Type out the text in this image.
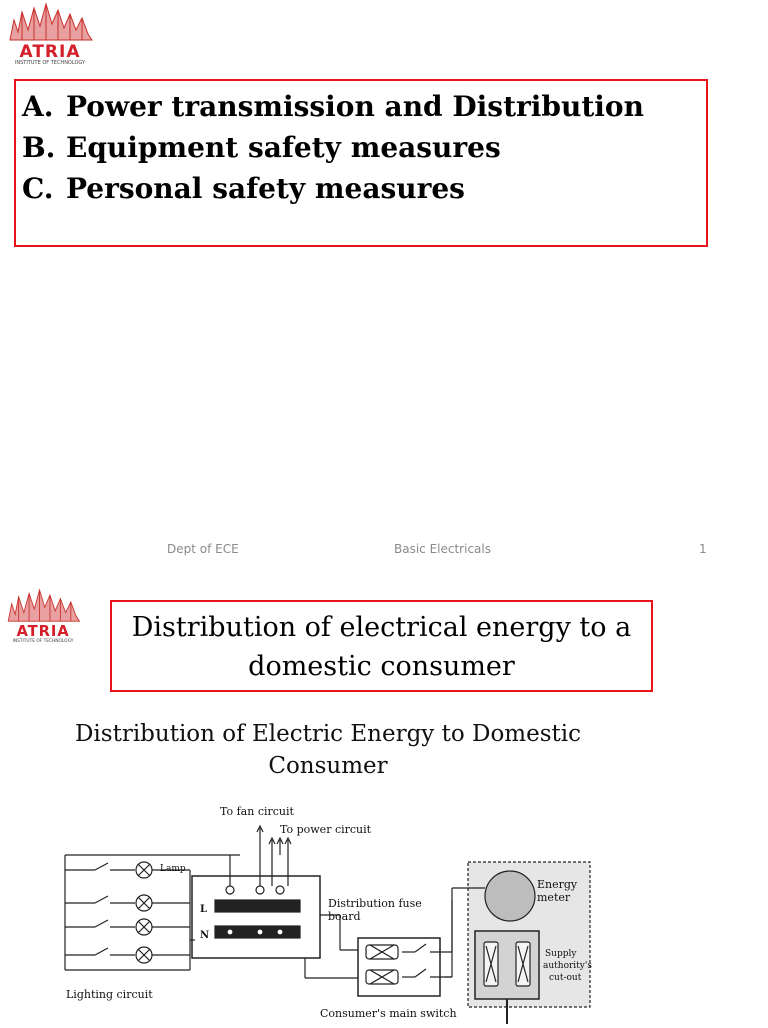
ATRIA
INSTITUTE OF TECHNOLOGY
A. Power transmission and Distribution
B. Equipment safety measures
C. Personal safety measures
Dept of ECE	Basic Electricals	1
ATRIA
INSTITUTE OF TECHNOLOGY	Distribution of electrical energy to a
domestic consumer
Distribution of Electric Energy to Domestic
Consumer
To fan circuit
To power circuit
Lamp
L
N
Distribution fuse
board
Energy
meter
Supply
authority's
cut-out
Lighting circuit
Consumer's main switch
